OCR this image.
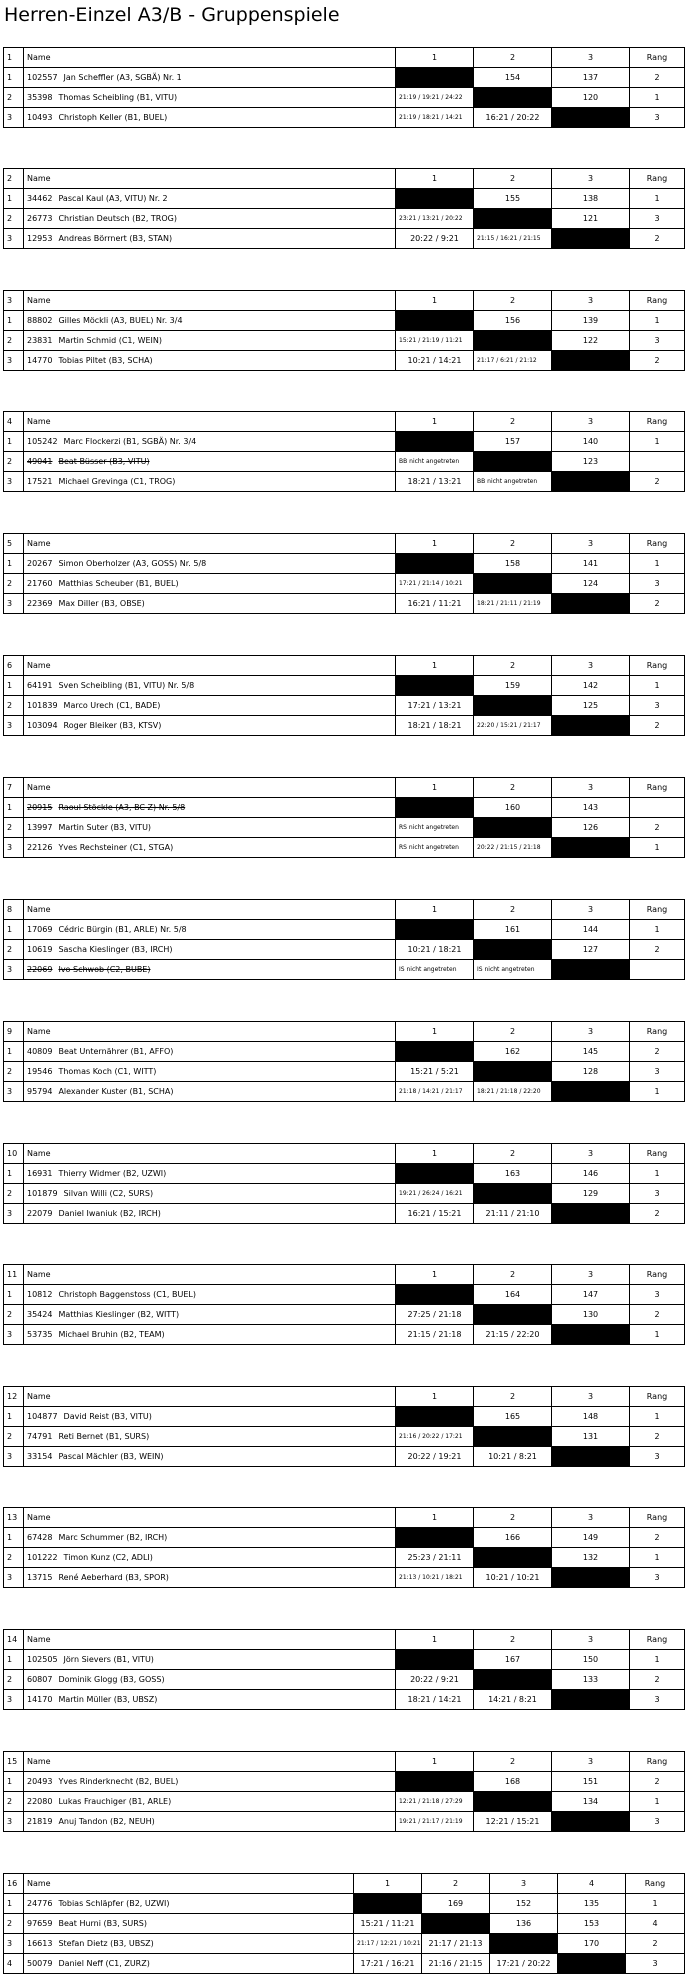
Herren-Einzel A3/B - Gruppenspiele
1	Name	1	2	3	Rang
1	102557 Jan Scheffler (A3, SGBÄ) Nr. 1		154	137	2
2	35398 Thomas Scheibling (B1, VITU)	21:19 / 19:21 / 24:22		120	1
3	10493 Christoph Keller (B1, BUEL)	21:19 / 18:21 / 14:21	16:21 / 20:22		3
2	Name	1	2	3	Rang
1	34462 Pascal Kaul (A3, VITU) Nr. 2		155	138	1
2	26773 Christian Deutsch (B2, TROG)	23:21 / 13:21 / 20:22		121	3
3	12953 Andreas Börrnert (B3, STAN)	20:22 / 9:21	21:15 / 16:21 / 21:15		2
3	Name	1	2	3	Rang
1	88802 Gilles Möckli (A3, BUEL) Nr. 3/4		156	139	1
2	23831 Martin Schmid (C1, WEIN)	15:21 / 21:19 / 11:21		122	3
3	14770 Tobias Piltet (B3, SCHA)	10:21 / 14:21	21:17 / 6:21 / 21:12		2
4	Name	1	2	3	Rang
1	105242 Marc Flockerzi (B1, SGBÄ) Nr. 3/4		157	140	1
2	49041 Beat Büsser (B3, VITU)	BB nicht angetreten		123	
3	17521 Michael Grevinga (C1, TROG)	18:21 / 13:21	BB nicht angetreten		2
5	Name	1	2	3	Rang
1	20267 Simon Oberholzer (A3, GOSS) Nr. 5/8		158	141	1
2	21760 Matthias Scheuber (B1, BUEL)	17:21 / 21:14 / 10:21		124	3
3	22369 Max Diller (B3, OBSE)	16:21 / 11:21	18:21 / 21:11 / 21:19		2
6	Name	1	2	3	Rang
1	64191 Sven Scheibling (B1, VITU) Nr. 5/8		159	142	1
2	101839 Marco Urech (C1, BADE)	17:21 / 13:21		125	3
3	103094 Roger Bleiker (B3, KTSV)	18:21 / 18:21	22:20 / 15:21 / 21:17		2
7	Name	1	2	3	Rang
1	20915 Raoul Stöckle (A3, BC Z) Nr. 5/8		160	143	
2	13997 Martin Suter (B3, VITU)	RS nicht angetreten		126	2
3	22126 Yves Rechsteiner (C1, STGA)	RS nicht angetreten	20:22 / 21:15 / 21:18		1
8	Name	1	2	3	Rang
1	17069 Cédric Bürgin (B1, ARLE) Nr. 5/8		161	144	1
2	10619 Sascha Kieslinger (B3, IRCH)	10:21 / 18:21		127	2
3	22069 Ivo Schwob (C2, BUBE)	IS nicht angetreten	IS nicht angetreten		
9	Name	1	2	3	Rang
1	40809 Beat Unternährer (B1, AFFO)		162	145	2
2	19546 Thomas Koch (C1, WITT)	15:21 / 5:21		128	3
3	95794 Alexander Kuster (B1, SCHA)	21:18 / 14:21 / 21:17	18:21 / 21:18 / 22:20		1
10	Name	1	2	3	Rang
1	16931 Thierry Widmer (B2, UZWI)		163	146	1
2	101879 Silvan Willi (C2, SURS)	19:21 / 26:24 / 16:21		129	3
3	22079 Daniel Iwaniuk (B2, IRCH)	16:21 / 15:21	21:11 / 21:10		2
11	Name	1	2	3	Rang
1	10812 Christoph Baggenstoss (C1, BUEL)		164	147	3
2	35424 Matthias Kieslinger (B2, WITT)	27:25 / 21:18		130	2
3	53735 Michael Bruhin (B2, TEAM)	21:15 / 21:18	21:15 / 22:20		1
12	Name	1	2	3	Rang
1	104877 David Reist (B3, VITU)		165	148	1
2	74791 Reti Bernet (B1, SURS)	21:16 / 20:22 / 17:21		131	2
3	33154 Pascal Mächler (B3, WEIN)	20:22 / 19:21	10:21 / 8:21		3
13	Name	1	2	3	Rang
1	67428 Marc Schummer (B2, IRCH)		166	149	2
2	101222 Timon Kunz (C2, ADLI)	25:23 / 21:11		132	1
3	13715 René Aeberhard (B3, SPOR)	21:13 / 10:21 / 18:21	10:21 / 10:21		3
14	Name	1	2	3	Rang
1	102505 Jörn Sievers (B1, VITU)		167	150	1
2	60807 Dominik Glogg (B3, GOSS)	20:22 / 9:21		133	2
3	14170 Martin Müller (B3, UBSZ)	18:21 / 14:21	14:21 / 8:21		3
15	Name	1	2	3	Rang
1	20493 Yves Rinderknecht (B2, BUEL)		168	151	2
2	22080 Lukas Frauchiger (B1, ARLE)	12:21 / 21:18 / 27:29		134	1
3	21819 Anuj Tandon (B2, NEUH)	19:21 / 21:17 / 21:19	12:21 / 15:21		3
16	Name	1	2	3	4	Rang
1	24776 Tobias Schläpfer (B2, UZWI)		169	152	135	1
2	97659 Beat Hurni (B3, SURS)	15:21 / 11:21		136	153	4
3	16613 Stefan Dietz (B3, UBSZ)	21:17 / 12:21 / 10:21	21:17 / 21:13		170	2
4	50079 Daniel Neff (C1, ZURZ)	17:21 / 16:21	21:16 / 21:15	17:21 / 20:22		3
